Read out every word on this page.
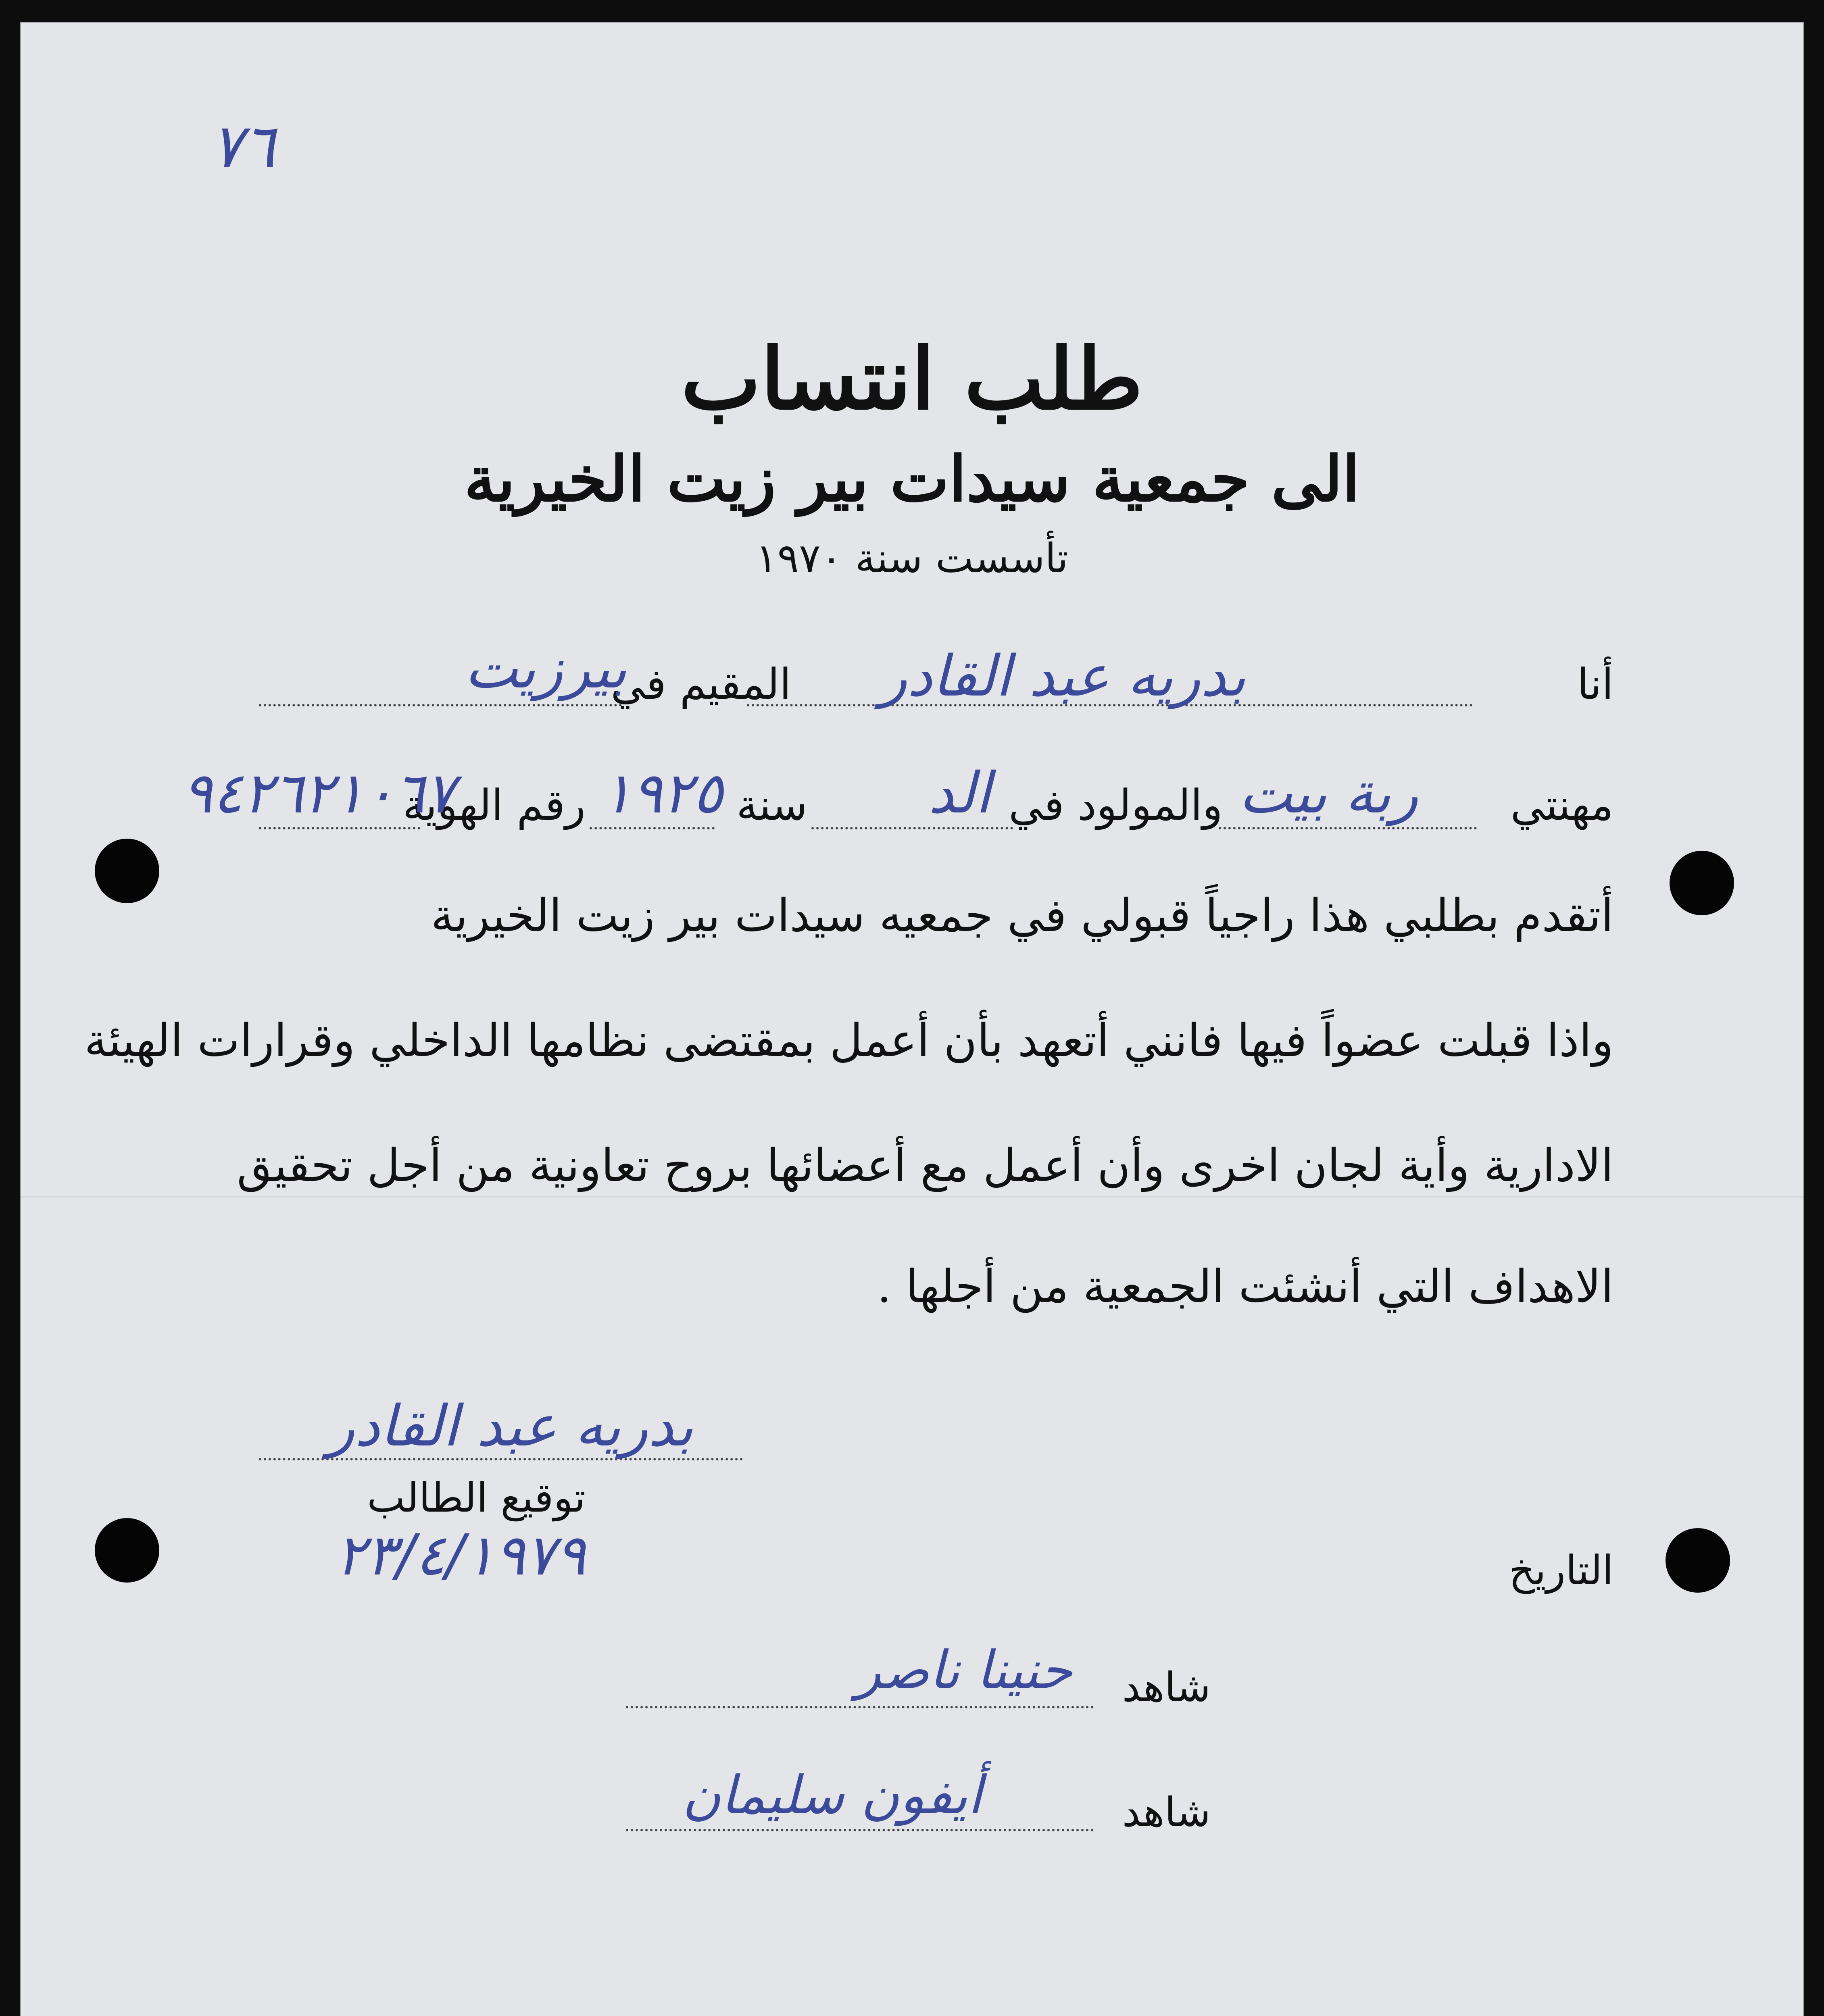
٧٦
طلب انتساب
الى جمعية سيدات بير زيت الخيرية
تأسست سنة ١٩٧٠
أنا
بدريه عبد القادر
المقيم في
بيرزيت
مهنتي
ربة بيت
والمولود في
الد
سنة
١٩٢٥
رقم الهوية
٩٤٢٦٢١٠٦٧
أتقدم بطلبي هذا راجياً قبولي في جمعيه سيدات بير زيت الخيرية
واذا قبلت عضواً فيها فانني أتعهد بأن أعمل بمقتضى نظامها الداخلي وقرارات الهيئة
الادارية وأية لجان اخرى وأن أعمل مع أعضائها بروح تعاونية من أجل تحقيق
الاهداف التي أنشئت الجمعية من أجلها .
بدريه عبد القادر
توقيع الطالب
التاريخ
٢٣/٤/١٩٧٩
شاهد
حنينا ناصر
شاهد
أيفون سليمان
